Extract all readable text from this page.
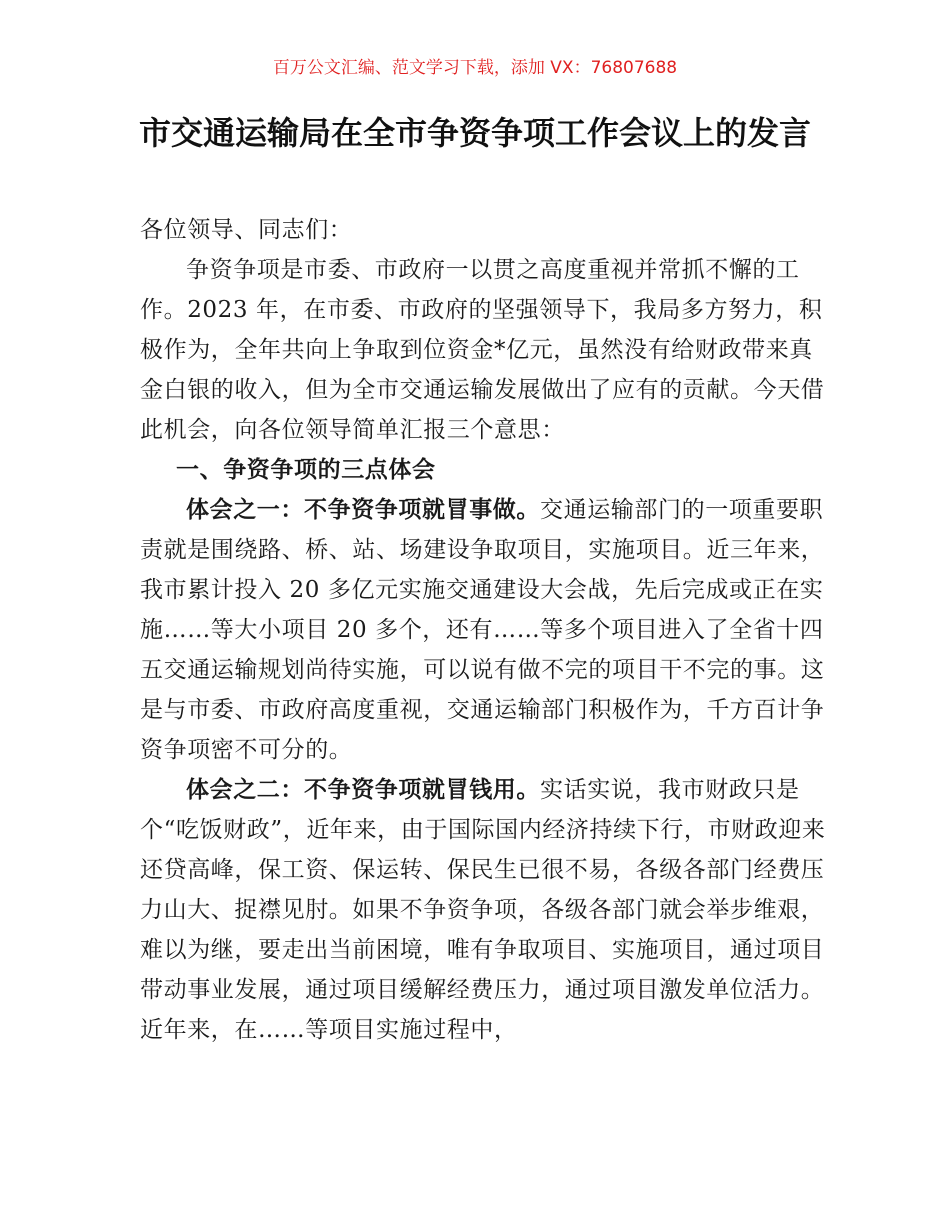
百万公文汇编、范文学习下载，添加 VX：76807688
市交通运输局在全市争资争项工作会议上的发言

各位领导、同志们：

争资争项是市委、市政府一以贯之高度重视并常抓不懈的工作。2023 年，在市委、市政府的坚强领导下，我局多方努力，积极作为，全年共向上争取到位资金*亿元，虽然没有给财政带来真金白银的收入，但为全市交通运输发展做出了应有的贡献。今天借此机会，向各位领导简单汇报三个意思：

一、争资争项的三点体会

体会之一：不争资争项就冒事做。交通运输部门的一项重要职责就是围绕路、桥、站、场建设争取项目，实施项目。近三年来，我市累计投入 20 多亿元实施交通建设大会战，先后完成或正在实施……等大小项目 20 多个，还有……等多个项目进入了全省十四五交通运输规划尚待实施，可以说有做不完的项目干不完的事。这是与市委、市政府高度重视，交通运输部门积极作为，千方百计争资争项密不可分的。

体会之二：不争资争项就冒钱用。实话实说，我市财政只是个“吃饭财政”，近年来，由于国际国内经济持续下行，市财政迎来还贷高峰，保工资、保运转、保民生已很不易，各级各部门经费压力山大、捉襟见肘。如果不争资争项，各级各部门就会举步维艰，难以为继，要走出当前困境，唯有争取项目、实施项目，通过项目带动事业发展，通过项目缓解经费压力，通过项目激发单位活力。近年来，在……等项目实施过程中，
